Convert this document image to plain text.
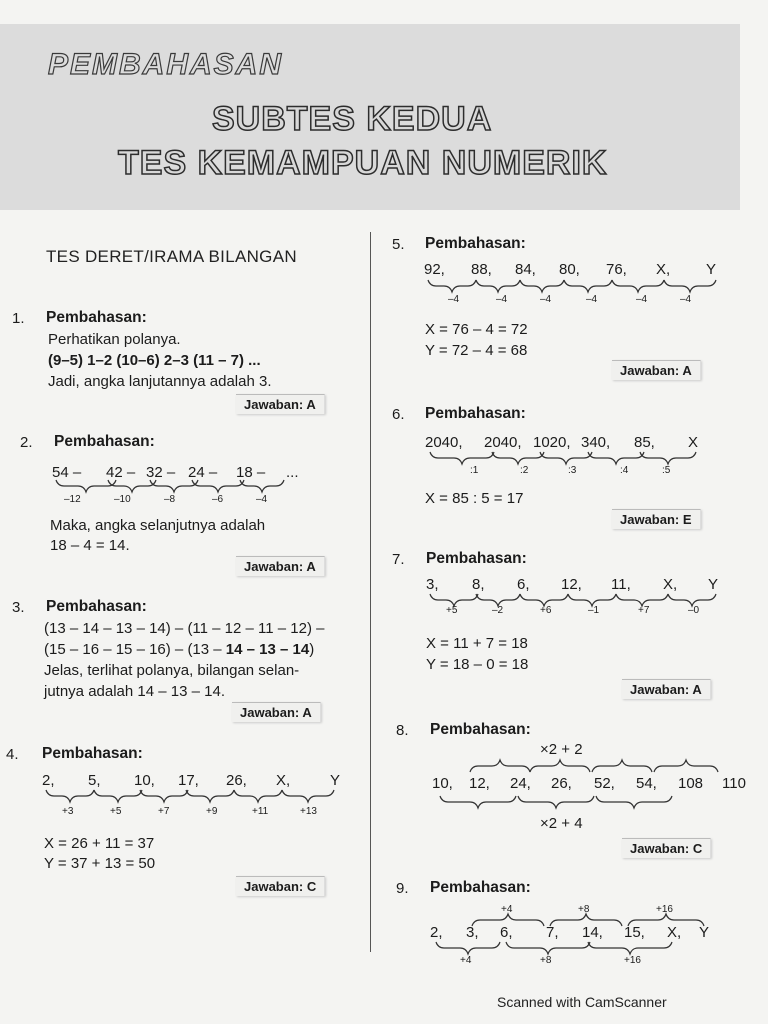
PEMBAHASAN
SUBTES KEDUA
TES KEMAMPUAN NUMERIK
TES DERET/IRAMA BILANGAN
1. Pembahasan:
Perhatikan polanya.
(9–5) 1–2 (10–6) 2–3 (11 – 7) ...
Jadi, angka lanjutannya adalah 3.
Jawaban: A
2. Pembahasan:
54 – 42 – 32 – 24 – 18 – ...
–12	–10	–8	–6	–4
Maka, angka selanjutnya adalah
18 – 4 = 14.
Jawaban: A
3. Pembahasan:
(13 – 14 – 13 – 14) – (11 – 12 – 11 – 12) –
(15 – 16 – 15 – 16) – (13 – 14 – 13 – 14)
Jelas, terlihat polanya, bilangan selan-
jutnya adalah 14 – 13 – 14.
Jawaban: A
4. Pembahasan:
2, 5, 10, 17, 26, X,	Y
+3	+5	+7	+9	+11	+13
X = 26 + 11 = 37
Y = 37 + 13 = 50
Jawaban: C
5. Pembahasan:
92, 88, 84, 80, 76, X, Y
–4	–4	–4	–4	–4	–4
X = 76 – 4 = 72
Y = 72 – 4 = 68
Jawaban: A
6. Pembahasan:
2040, 2040, 1020, 340, 85, X
:1	:2	:3	:4	:5
X = 85 : 5 = 17
Jawaban: E
7. Pembahasan:
3, 8, 6, 12, 11, X, Y
+5	–2	+6	–1	+7	–0
X = 11 + 7 = 18
Y = 18 – 0 = 18
Jawaban: A
8. Pembahasan:
×2 + 2
10, 12, 24, 26, 52, 54, 108 110
×2 + 4
Jawaban: C
9. Pembahasan:
+4	+8	+16
2, 3, 6, 7, 14, 15, X, Y
+4	+8	+16
Scanned with CamScanner
